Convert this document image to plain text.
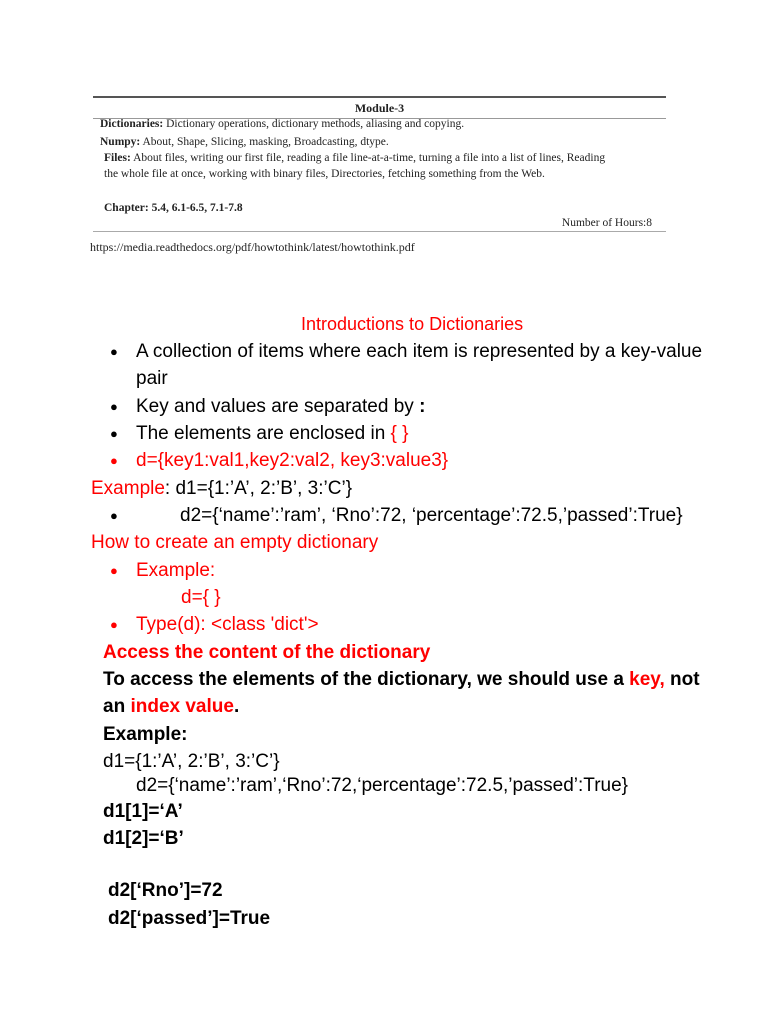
Module-3
Dictionaries: Dictionary operations, dictionary methods, aliasing and copying.
Numpy: About, Shape, Slicing, masking, Broadcasting, dtype.
Files: About files, writing our first file, reading a file line-at-a-time, turning a file into a list of lines, Reading
the whole file at once, working with binary files, Directories, fetching something from the Web.
Chapter: 5.4, 6.1-6.5, 7.1-7.8
Number of Hours:8
https://media.readthedocs.org/pdf/howtothink/latest/howtothink.pdf
Introductions to Dictionaries
● A collection of items where each item is represented by a key-value
pair
● Key and values are separated by :
● The elements are enclosed in { }
● d={key1:val1,key2:val2, key3:value3}
Example: d1={1:’A’, 2:’B’, 3:’C’}
● d2={‘name’:’ram’, ‘Rno’:72, ‘percentage’:72.5,’passed’:True}
How to create an empty dictionary
● Example:
d={ }
● Type(d): <class 'dict'>
Access the content of the dictionary
To access the elements of the dictionary, we should use a key, not
an index value.
Example:
d1={1:’A’, 2:’B’, 3:’C’}
d2={‘name’:’ram’,‘Rno’:72,‘percentage’:72.5,’passed’:True}
d1[1]=‘A’
d1[2]=‘B’
d2[‘Rno’]=72
d2[‘passed’]=True
